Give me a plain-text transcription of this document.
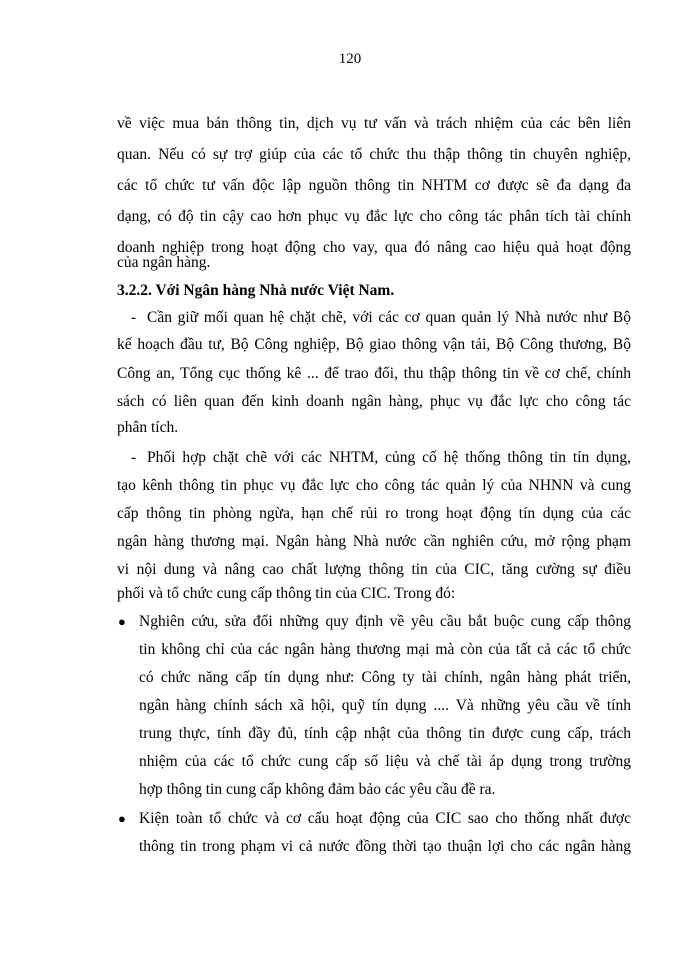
120
về việc mua bán thông tin, dịch vụ tư vấn và trách nhiệm của các bên liên
quan. Nếu có sự trợ giúp của các tổ chức thu thập thông tin chuyên nghiệp,
các tổ chức tư vấn độc lập nguồn thông tin NHTM cơ được sẽ đa dạng đa
dạng, có độ tin cậy cao hơn phục vụ đắc lực cho công tác phân tích tài chính
doanh nghiệp trong hoạt động cho vay, qua đó nâng cao hiệu quả hoạt động
của ngân hàng.
3.2.2. Với Ngân hàng Nhà nước Việt Nam.
- Cần giữ mối quan hệ chặt chẽ, với các cơ quan quản lý Nhà nước như Bộ
kế hoạch đầu tư, Bộ Công nghiệp, Bộ giao thông vận tải, Bộ Công thương, Bộ
Công an, Tổng cục thống kê ... để trao đổi, thu thập thông tin về cơ chế, chính
sách có liên quan đến kinh doanh ngân hàng, phục vụ đắc lực cho công tác
phân tích.
- Phối hợp chặt chẽ với các NHTM, củng cố hệ thống thông tin tín dụng,
tạo kênh thông tin phục vụ đắc lực cho công tác quản lý của NHNN và cung
cấp thông tin phòng ngừa, hạn chế rủi ro trong hoạt động tín dụng của các
ngân hàng thương mại. Ngân hàng Nhà nước cần nghiên cứu, mở rộng phạm
vi nội dung và nâng cao chất lượng thông tin của CIC, tăng cường sự điều
phối và tổ chức cung cấp thông tin của CIC. Trong đó:
● Nghiên cứu, sửa đổi những quy định về yêu cầu bắt buộc cung cấp thông
tin không chỉ của các ngân hàng thương mại mà còn của tất cả các tổ chức
có chức năng cấp tín dụng như: Công ty tài chính, ngân hàng phát triển,
ngân hàng chính sách xã hội, quỹ tín dụng .... Và những yêu cầu về tính
trung thực, tính đầy đủ, tính cập nhật của thông tin được cung cấp, trách
nhiệm của các tổ chức cung cấp số liệu và chế tài áp dụng trong trường
hợp thông tin cung cấp không đảm bảo các yêu cầu đề ra.
● Kiện toàn tổ chức và cơ cấu hoạt động của CIC sao cho thống nhất được
thông tin trong phạm vi cả nước đồng thời tạo thuận lợi cho các ngân hàng
